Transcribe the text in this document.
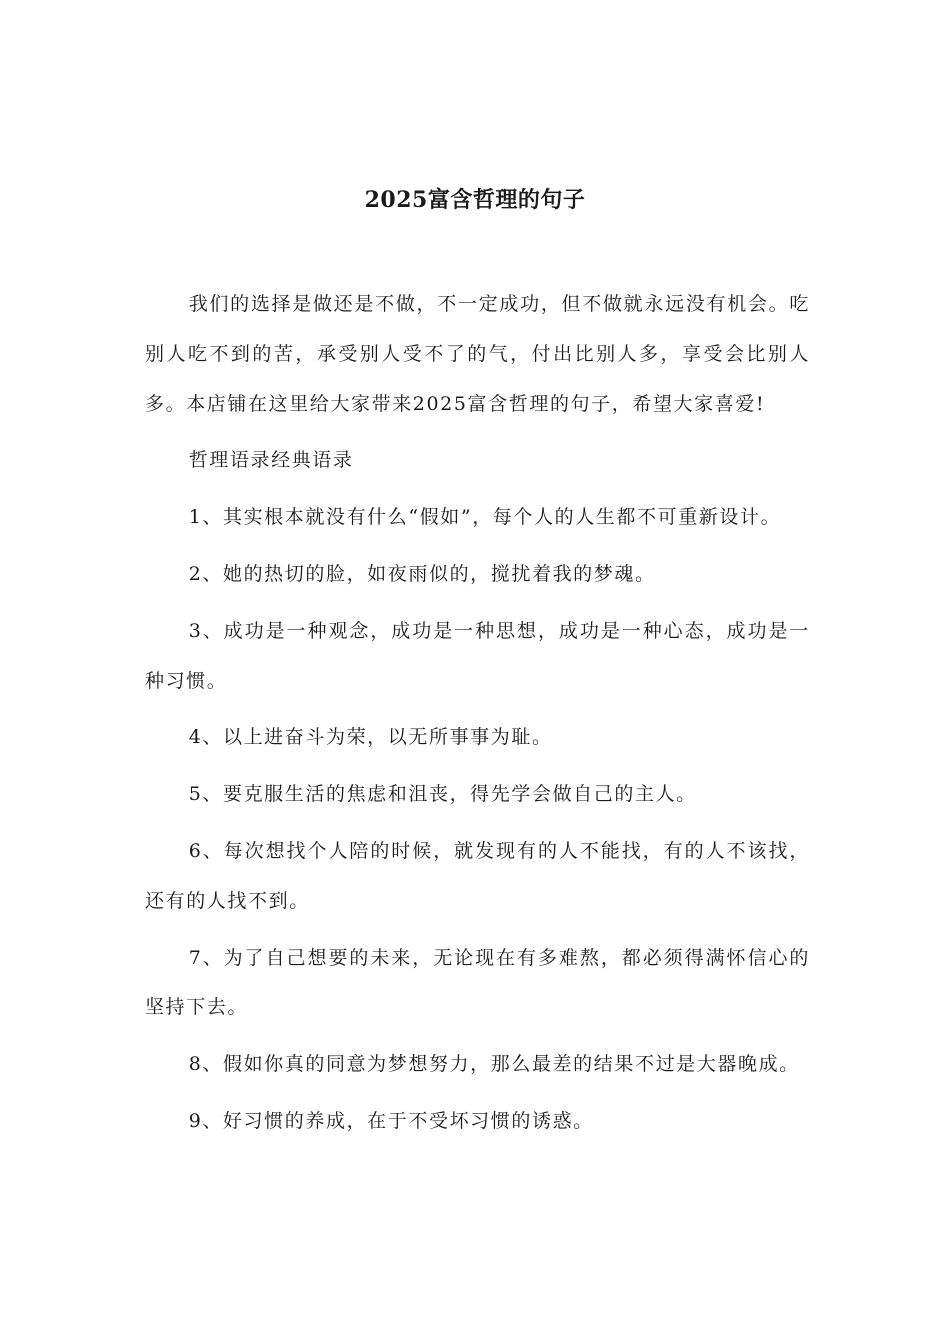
2025富含哲理的句子

我们的选择是做还是不做，不一定成功，但不做就永远没有机会。吃别人吃不到的苦，承受别人受不了的气，付出比别人多，享受会比别人多。本店铺在这里给大家带来2025富含哲理的句子，希望大家喜爱!

哲理语录经典语录

1、其实根本就没有什么“假如”，每个人的人生都不可重新设计。

2、她的热切的脸，如夜雨似的，搅扰着我的梦魂。

3、成功是一种观念，成功是一种思想，成功是一种心态，成功是一种习惯。

4、以上进奋斗为荣，以无所事事为耻。

5、要克服生活的焦虑和沮丧，得先学会做自己的主人。

6、每次想找个人陪的时候，就发现有的人不能找，有的人不该找，还有的人找不到。

7、为了自己想要的未来，无论现在有多难熬，都必须得满怀信心的坚持下去。

8、假如你真的同意为梦想努力，那么最差的结果不过是大器晚成。

9、好习惯的养成，在于不受坏习惯的诱惑。
